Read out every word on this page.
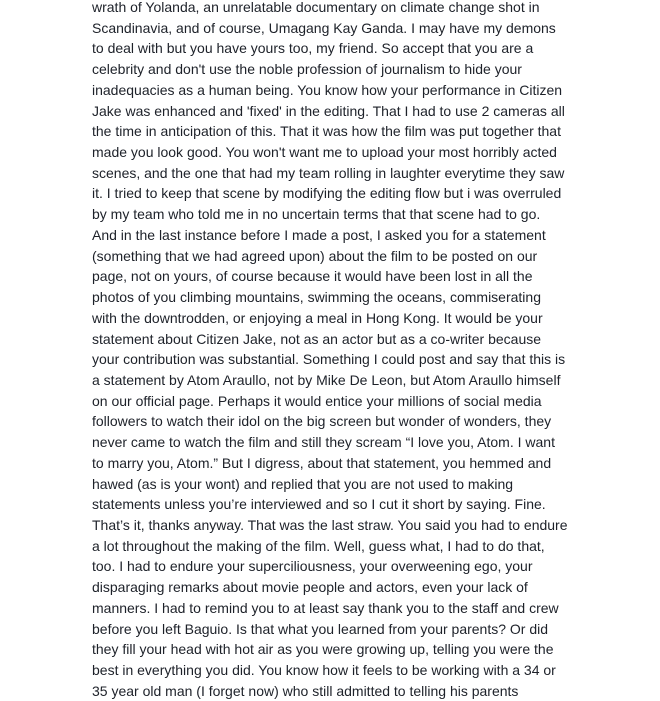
wrath of Yolanda, an unrelatable documentary on climate change shot in
Scandinavia, and of course, Umagang Kay Ganda. I may have my demons
to deal with but you have yours too, my friend. So accept that you are a
celebrity and don't use the noble profession of journalism to hide your
inadequacies as a human being. You know how your performance in Citizen
Jake was enhanced and 'fixed' in the editing. That I had to use 2 cameras all
the time in anticipation of this. That it was how the film was put together that
made you look good. You won't want me to upload your most horribly acted
scenes, and the one that had my team rolling in laughter everytime they saw
it. I tried to keep that scene by modifying the editing flow but i was overruled
by my team who told me in no uncertain terms that that scene had to go.
And in the last instance before I made a post, I asked you for a statement
(something that we had agreed upon) about the film to be posted on our
page, not on yours, of course because it would have been lost in all the
photos of you climbing mountains, swimming the oceans, commiserating
with the downtrodden, or enjoying a meal in Hong Kong. It would be your
statement about Citizen Jake, not as an actor but as a co-writer because
your contribution was substantial. Something I could post and say that this is
a statement by Atom Araullo, not by Mike De Leon, but Atom Araullo himself
on our official page. Perhaps it would entice your millions of social media
followers to watch their idol on the big screen but wonder of wonders, they
never came to watch the film and still they scream “I love you, Atom. I want
to marry you, Atom.” But I digress, about that statement, you hemmed and
hawed (as is your wont) and replied that you are not used to making
statements unless you’re interviewed and so I cut it short by saying. Fine.
That’s it, thanks anyway. That was the last straw. You said you had to endure
a lot throughout the making of the film. Well, guess what, I had to do that,
too. I had to endure your superciliousness, your overweening ego, your
disparaging remarks about movie people and actors, even your lack of
manners. I had to remind you to at least say thank you to the staff and crew
before you left Baguio. Is that what you learned from your parents? Or did
they fill your head with hot air as you were growing up, telling you were the
best in everything you did. You know how it feels to be working with a 34 or
35 year old man (I forget now) who still admitted to telling his parents
